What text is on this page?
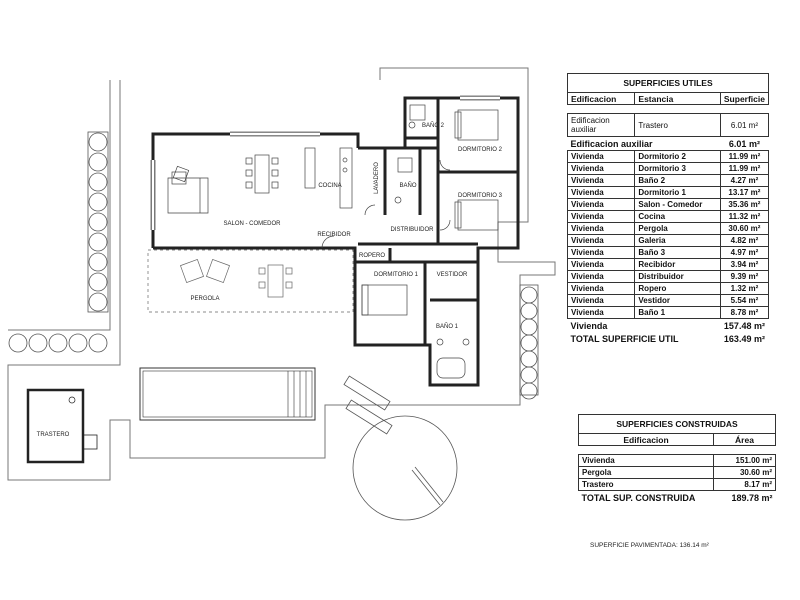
BAÑO 2
DORMITORIO 2
DORMITORIO 3
COCINA	LAVADERO	BAÑO
SALON - COMEDOR
RECIBIDOR
DISTRIBUIDOR
ROPERO
DORMITORIO 1	VESTIDOR
BAÑO 1
PERGOLA
TRASTERO
SUPERFICIES UTILES		
Edificacion	Estancia	Superficie

Edificacion auxiliar	Trastero	6.01 m²
Edificacion auxiliar		6.01 m²
Vivienda	Dormitorio 2	11.99 m²
Vivienda	Dormitorio 3	11.99 m²
Vivienda	Baño 2	4.27 m²
Vivienda	Dormitorio 1	13.17 m²
Vivienda	Salon - Comedor	35.36 m²
Vivienda	Cocina	11.32 m²
Vivienda	Pergola	30.60 m²
Vivienda	Galeria	4.82 m²
Vivienda	Baño 3	4.97 m²
Vivienda	Recibidor	3.94 m²
Vivienda	Distribuidor	9.39 m²
Vivienda	Ropero	1.32 m²
Vivienda	Vestidor	5.54 m²
Vivienda	Baño 1	8.78 m²
Vivienda		157.48 m²
TOTAL SUPERFICIE UTIL		163.49 m²
SUPERFICIES CONSTRUIDAS	
Edificacion	Área

Vivienda	151.00 m²
Pergola	30.60 m²
Trastero	8.17 m²
TOTAL SUP. CONSTRUIDA	189.78 m²
SUPERFICIE PAVIMENTADA: 136.14 m²
